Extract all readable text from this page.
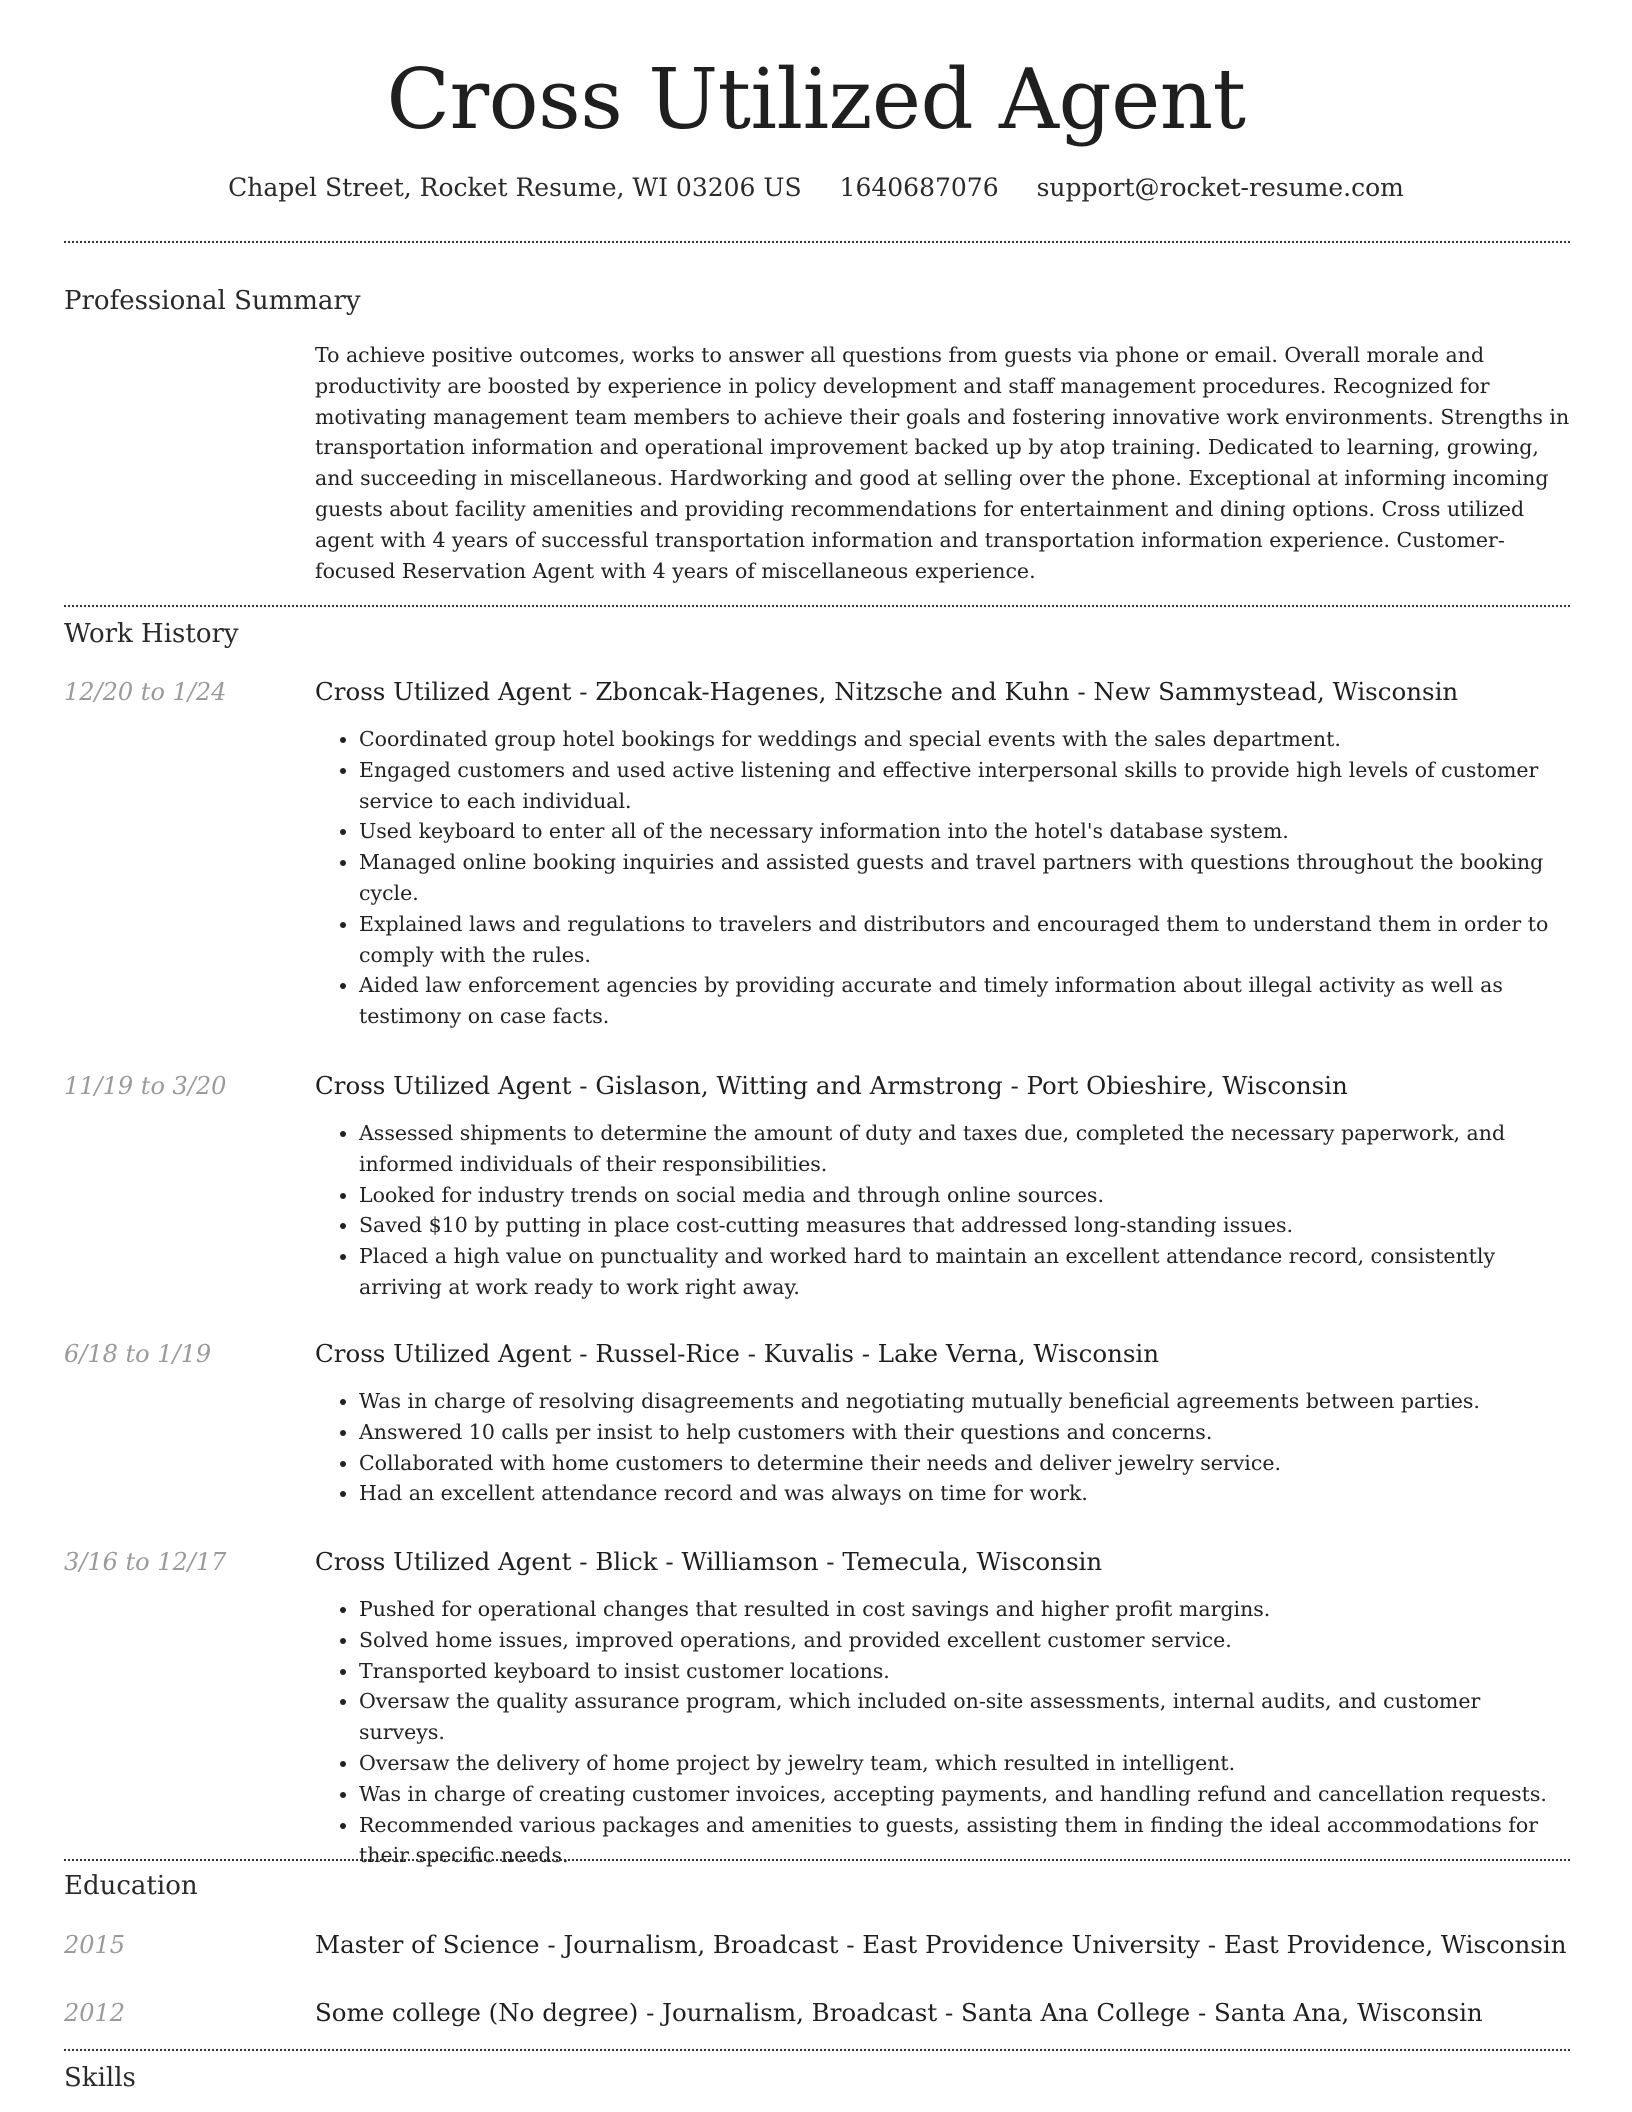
Cross Utilized Agent
Chapel Street, Rocket Resume, WI 03206 US 1640687076 support@rocket-resume.com
Professional Summary
To achieve positive outcomes, works to answer all questions from guests via phone or email. Overall morale and productivity are boosted by experience in policy development and staff management procedures. Recognized for motivating management team members to achieve their goals and fostering innovative work environments. Strengths in transportation information and operational improvement backed up by atop training. Dedicated to learning, growing, and succeeding in miscellaneous. Hardworking and good at selling over the phone. Exceptional at informing incoming guests about facility amenities and providing recommendations for entertainment and dining options. Cross utilized agent with 4 years of successful transportation information and transportation information experience. Customer-focused Reservation Agent with 4 years of miscellaneous experience.
Work History
12/20 to 1/24	Cross Utilized Agent - Zboncak-Hagenes, Nitzsche and Kuhn - New Sammystead, Wisconsin
• Coordinated group hotel bookings for weddings and special events with the sales department.
• Engaged customers and used active listening and effective interpersonal skills to provide high levels of customer service to each individual.
• Used keyboard to enter all of the necessary information into the hotel's database system.
• Managed online booking inquiries and assisted guests and travel partners with questions throughout the booking cycle.
• Explained laws and regulations to travelers and distributors and encouraged them to understand them in order to comply with the rules.
• Aided law enforcement agencies by providing accurate and timely information about illegal activity as well as testimony on case facts.
11/19 to 3/20	Cross Utilized Agent - Gislason, Witting and Armstrong - Port Obieshire, Wisconsin
• Assessed shipments to determine the amount of duty and taxes due, completed the necessary paperwork, and informed individuals of their responsibilities.
• Looked for industry trends on social media and through online sources.
• Saved $10 by putting in place cost-cutting measures that addressed long-standing issues.
• Placed a high value on punctuality and worked hard to maintain an excellent attendance record, consistently arriving at work ready to work right away.
6/18 to 1/19	Cross Utilized Agent - Russel-Rice - Kuvalis - Lake Verna, Wisconsin
• Was in charge of resolving disagreements and negotiating mutually beneficial agreements between parties.
• Answered 10 calls per insist to help customers with their questions and concerns.
• Collaborated with home customers to determine their needs and deliver jewelry service.
• Had an excellent attendance record and was always on time for work.
3/16 to 12/17	Cross Utilized Agent - Blick - Williamson - Temecula, Wisconsin
• Pushed for operational changes that resulted in cost savings and higher profit margins.
• Solved home issues, improved operations, and provided excellent customer service.
• Transported keyboard to insist customer locations.
• Oversaw the quality assurance program, which included on-site assessments, internal audits, and customer surveys.
• Oversaw the delivery of home project by jewelry team, which resulted in intelligent.
• Was in charge of creating customer invoices, accepting payments, and handling refund and cancellation requests.
• Recommended various packages and amenities to guests, assisting them in finding the ideal accommodations for their specific needs.
Education
2015	Master of Science - Journalism, Broadcast - East Providence University - East Providence, Wisconsin
2012	Some college (No degree) - Journalism, Broadcast - Santa Ana College - Santa Ana, Wisconsin
Skills
